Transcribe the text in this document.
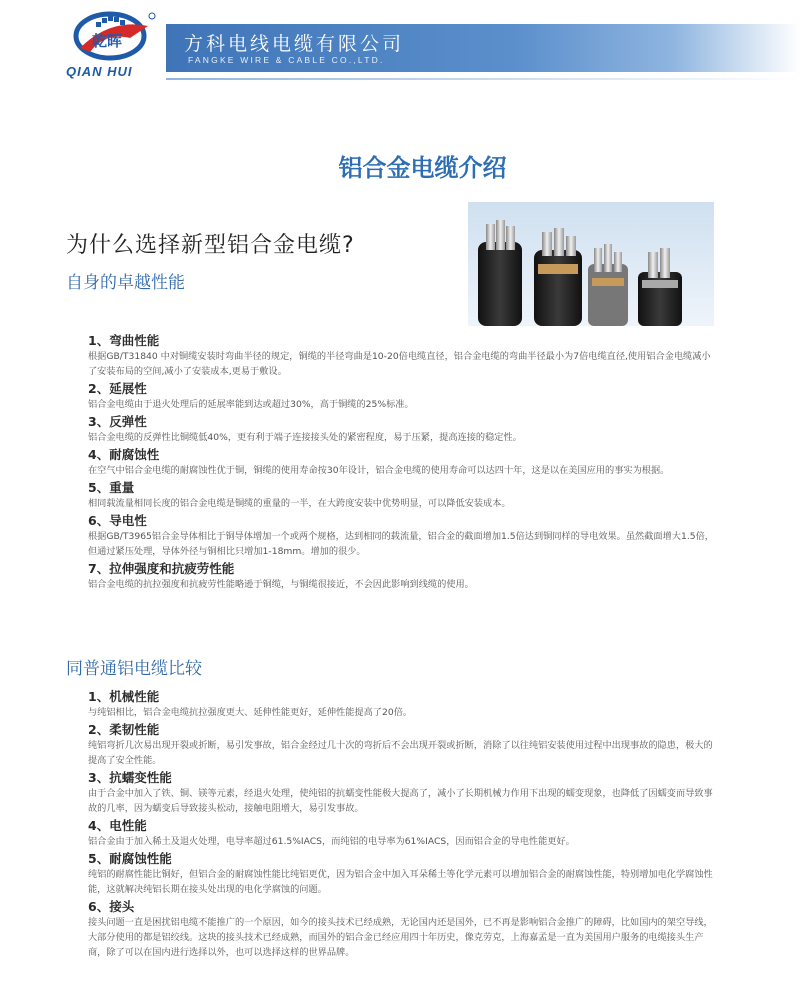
乾晖
QIAN HUI
方科电线电缆有限公司
FANGKE WIRE & CABLE CO.,LTD.
铝合金电缆介绍
为什么选择新型铝合金电缆?
自身的卓越性能

1、弯曲性能

根据GB/T31840 中对铜缆安装时弯曲半径的规定，铜缆的半径弯曲是10-20倍电缆直径，铝合金电缆的弯曲半径最小为7倍电缆直径,使用铝合金电缆减小了安装布局的空间,减小了安装成本,更易于敷设。

2、延展性

铝合金电缆由于退火处理后的延展率能到达或超过30%，高于铜缆的25%标准。

3、反弹性

铝合金电缆的反弹性比铜缆低40%，更有利于端子连接接头处的紧密程度，易于压紧，提高连接的稳定性。

4、耐腐蚀性

在空气中铝合金电缆的耐腐蚀性优于铜，铜缆的使用寿命按30年设计，铝合金电缆的使用寿命可以达四十年，这是以在美国应用的事实为根据。

5、重量

相同载流量相同长度的铝合金电缆是铜缆的重量的一半，在大跨度安装中优势明显，可以降低安装成本。

6、导电性

根据GB/T3965铝合金导体相比于铜导体增加一个或两个规格，达到相同的载流量，铝合金的截面增加1.5倍达到铜同样的导电效果。虽然截面增大1.5倍，但通过紧压处理，导体外径与铜相比只增加1-18mm。增加的很少。

7、拉伸强度和抗疲劳性能

铝合金电缆的抗拉强度和抗疲劳性能略逊于铜缆，与铜缆很接近，不会因此影响到线缆的使用。

同普通铝电缆比较

1、机械性能

与纯铝相比，铝合金电缆抗拉强度更大、延伸性能更好，延伸性能提高了20倍。

2、柔韧性能

纯铝弯折几次易出现开裂或折断，易引发事故，铝合金经过几十次的弯折后不会出现开裂或折断，消除了以往纯铝安装使用过程中出现事故的隐患，极大的提高了安全性能。

3、抗蠕变性能

由于合金中加入了铁、铜、镁等元素，经退火处理，使纯铝的抗蠕变性能极大提高了，减小了长期机械力作用下出现的蠕变现象，也降低了因蠕变而导致事故的几率，因为蠕变后导致接头松动，接触电阻增大，易引发事故。

4、电性能

铝合金由于加入稀土及退火处理，电导率超过61.5%IACS，而纯铝的电导率为61%IACS，因而铝合金的导电性能更好。

5、耐腐蚀性能

纯铝的耐腐性能比铜好，但铝合金的耐腐蚀性能比纯铝更优，因为铝合金中加入耳朵稀土等化学元素可以增加铝合金的耐腐蚀性能，特别增加电化学腐蚀性能，这就解决纯铝长期在接头处出现的电化学腐蚀的问题。

6、接头

接头问题一直是困扰铝电缆不能推广的一个原因，如今的接头技术已经成熟，无论国内还是国外，已不再是影响铝合金推广的障碍，比如国内的架空导线，大部分使用的都是铝绞线。这块的接头技术已经成熟，而国外的铝合金已经应用四十年历史，像克劳克，上海嘉孟是一直为美国用户服务的电缆接头生产商，除了可以在国内进行选择以外，也可以选择这样的世界品牌。
